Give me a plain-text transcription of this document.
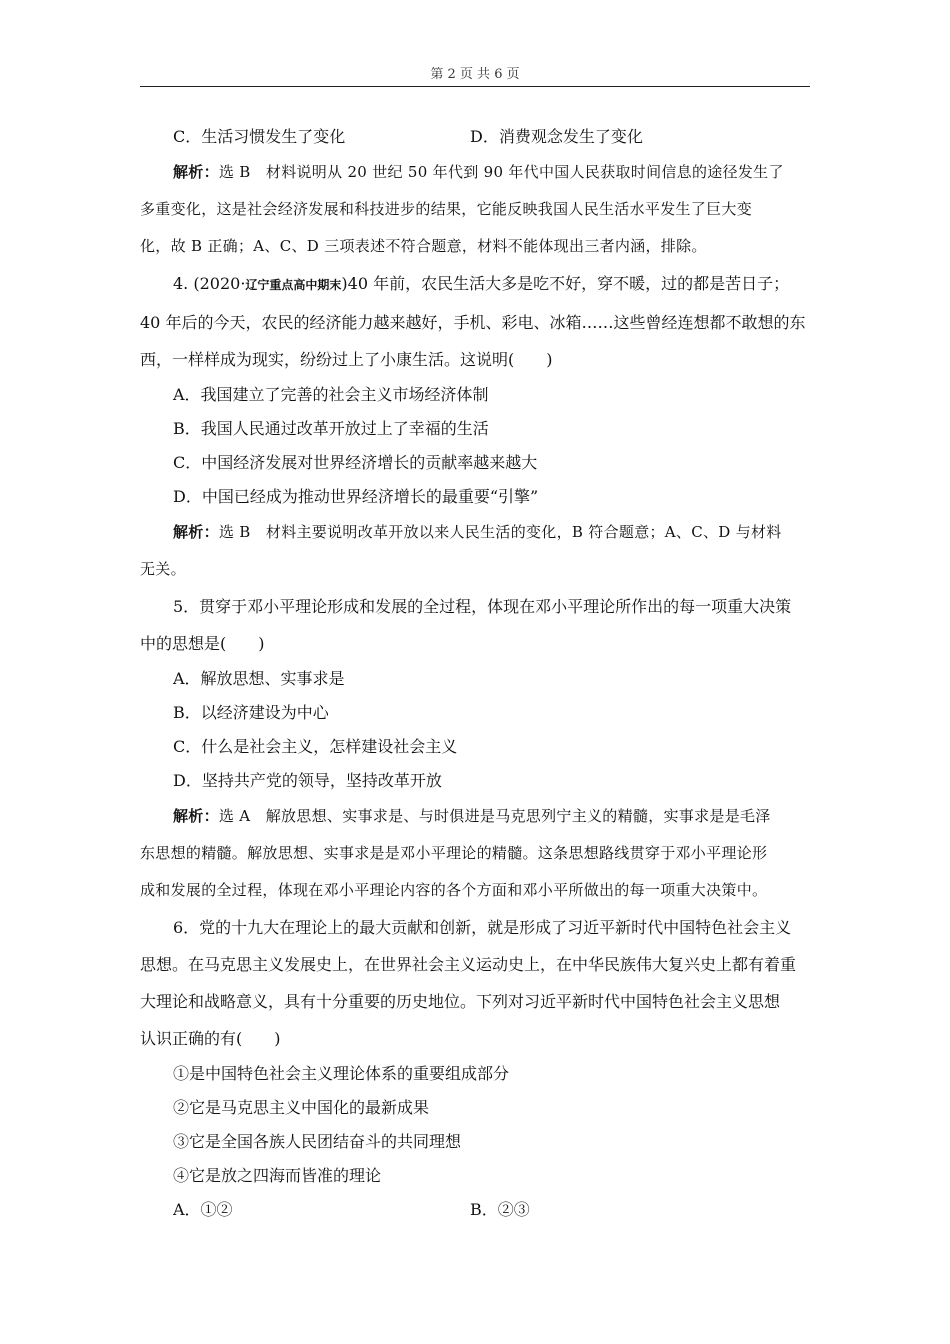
第 2 页 共 6 页
C．生活习惯发生了变化	D．消费观念发生了变化
解析：选 B　材料说明从 20 世纪 50 年代到 90 年代中国人民获取时间信息的途径发生了
多重变化，这是社会经济发展和科技进步的结果，它能反映我国人民生活水平发生了巨大变
化，故 B 正确；A、C、D 三项表述不符合题意，材料不能体现出三者内涵，排除。
4. (2020·辽宁重点高中期末)40 年前，农民生活大多是吃不好，穿不暖，过的都是苦日子；
40 年后的今天，农民的经济能力越来越好，手机、彩电、冰箱……这些曾经连想都不敢想的东
西，一样样成为现实，纷纷过上了小康生活。这说明(　　)
A．我国建立了完善的社会主义市场经济体制
B．我国人民通过改革开放过上了幸福的生活
C．中国经济发展对世界经济增长的贡献率越来越大
D．中国已经成为推动世界经济增长的最重要“引擎”
解析：选 B　材料主要说明改革开放以来人民生活的变化，B 符合题意；A、C、D 与材料
无关。
5．贯穿于邓小平理论形成和发展的全过程，体现在邓小平理论所作出的每一项重大决策
中的思想是(　　)
A．解放思想、实事求是
B．以经济建设为中心
C．什么是社会主义，怎样建设社会主义
D．坚持共产党的领导，坚持改革开放
解析：选 A　解放思想、实事求是、与时俱进是马克思列宁主义的精髓，实事求是是毛泽
东思想的精髓。解放思想、实事求是是邓小平理论的精髓。这条思想路线贯穿于邓小平理论形
成和发展的全过程，体现在邓小平理论内容的各个方面和邓小平所做出的每一项重大决策中。
6．党的十九大在理论上的最大贡献和创新，就是形成了习近平新时代中国特色社会主义
思想。在马克思主义发展史上，在世界社会主义运动史上，在中华民族伟大复兴史上都有着重
大理论和战略意义，具有十分重要的历史地位。下列对习近平新时代中国特色社会主义思想
认识正确的有(　　)
①是中国特色社会主义理论体系的重要组成部分
②它是马克思主义中国化的最新成果
③它是全国各族人民团结奋斗的共同理想
④它是放之四海而皆准的理论
A．①②	B．②③
